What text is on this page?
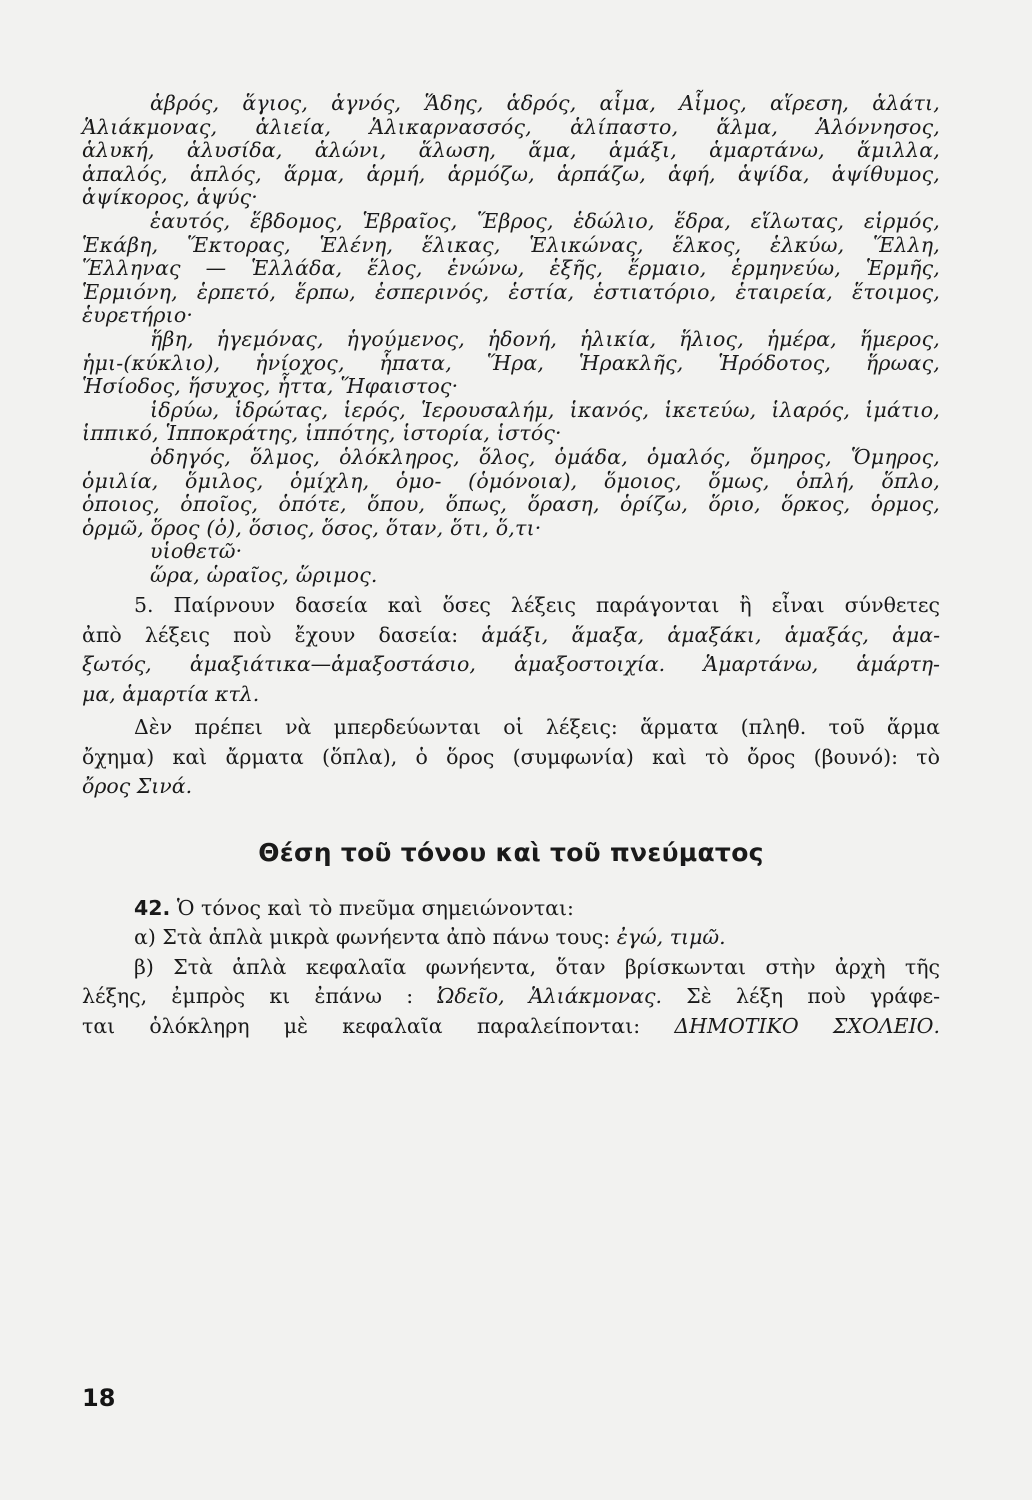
ἁβρός, ἅγιος, ἁγνός, Ἅδης, ἁδρός, αἷμα, Αἷμος, αἵρεση, ἁλάτι,
Ἁλιάκμονας, ἁλιεία, Ἁλικαρνασσός, ἁλίπαστο, ἅλμα, Ἁλόννησος,
ἁλυκή, ἁλυσίδα, ἁλώνι, ἅλωση, ἅμα, ἁμάξι, ἁμαρτάνω, ἅμιλλα,
ἁπαλός, ἁπλός, ἅρμα, ἁρμή, ἁρμόζω, ἁρπάζω, ἁφή, ἁψίδα, ἁψίθυμος,
ἁψίκορος, ἁψύς·
ἑαυτός, ἕβδομος, Ἑβραῖος, Ἕβρος, ἑδώλιο, ἕδρα, εἵλωτας, εἱρμός,
Ἑκάβη, Ἕκτορας, Ἑλένη, ἕλικας, Ἑλικώνας, ἕλκος, ἑλκύω, Ἕλλη,
Ἕλληνας — Ἑλλάδα, ἕλος, ἑνώνω, ἑξῆς, ἕρμαιο, ἑρμηνεύω, Ἑρμῆς,
Ἑρμιόνη, ἑρπετό, ἕρπω, ἑσπερινός, ἑστία, ἑστιατόριο, ἑταιρεία, ἕτοιμος,
ἑυρετήριο·
ἥβη, ἡγεμόνας, ἡγούμενος, ἡδονή, ἡλικία, ἥλιος, ἡμέρα, ἥμερος,
ἡμι-(κύκλιο), ἡνίοχος, ἧπατα, Ἥρα, Ἡρακλῆς, Ἡρόδοτος, ἥρωας,
Ἡσίοδος, ἥσυχος, ἧττα, Ἥφαιστος·
ἱδρύω, ἱδρώτας, ἱερός, Ἱερουσαλήμ, ἱκανός, ἱκετεύω, ἱλαρός, ἱμάτιο,
ἱππικό, Ἱπποκράτης, ἱππότης, ἱστορία, ἱστός·
ὁδηγός, ὅλμος, ὁλόκληρος, ὅλος, ὁμάδα, ὁμαλός, ὅμηρος, Ὅμηρος,
ὁμιλία, ὅμιλος, ὁμίχλη, ὁμο- (ὁμόνοια), ὅμοιος, ὅμως, ὁπλή, ὅπλο,
ὁποιος, ὁποῖος, ὁπότε, ὅπου, ὅπως, ὅραση, ὁρίζω, ὅριο, ὅρκος, ὁρμος,
ὁρμῶ, ὅρος (ὁ), ὅσιος, ὅσος, ὅταν, ὅτι, ὅ,τι·
υἱοθετῶ·
ὥρα, ὡραῖος, ὥριμος.
5. Παίρνουν δασεία καὶ ὅσες λέξεις παράγονται ἢ εἶναι σύνθετες
ἀπὸ λέξεις ποὺ ἔχουν δασεία: ἁμάξι, ἅμαξα, ἁμαξάκι, ἁμαξάς, ἁμα-
ξωτός, ἁμαξιάτικα—ἁμαξοστάσιο, ἁμαξοστοιχία. Ἁμαρτάνω, ἁμάρτη-
μα, ἁμαρτία κτλ.
Δὲν πρέπει νὰ μπερδεύωνται οἱ λέξεις: ἅρματα (πληθ. τοῦ ἅρμα
ὄχημα) καὶ ἄρματα (ὅπλα), ὁ ὅρος (συμφωνία) καὶ τὸ ὄρος (βουνό): τὸ
ὄρος Σινά.
Θέση τοῦ τόνου καὶ τοῦ πνεύματος
42. Ὁ τόνος καὶ τὸ πνεῦμα σημειώνονται:
α) Στὰ ἁπλὰ μικρὰ φωνήεντα ἀπὸ πάνω τους: ἐγώ, τιμῶ.
β) Στὰ ἁπλὰ κεφαλαῖα φωνήεντα, ὅταν βρίσκωνται στὴν ἀρχὴ τῆς
λέξης, ἐμπρὸς κι ἐπάνω : Ὠδεῖο, Ἁλιάκμονας. Σὲ λέξη ποὺ γράφε-
ται ὁλόκληρη μὲ κεφαλαῖα παραλείπονται: ΔΗΜΟΤΙΚΟ ΣΧΟΛΕΙΟ.
18
